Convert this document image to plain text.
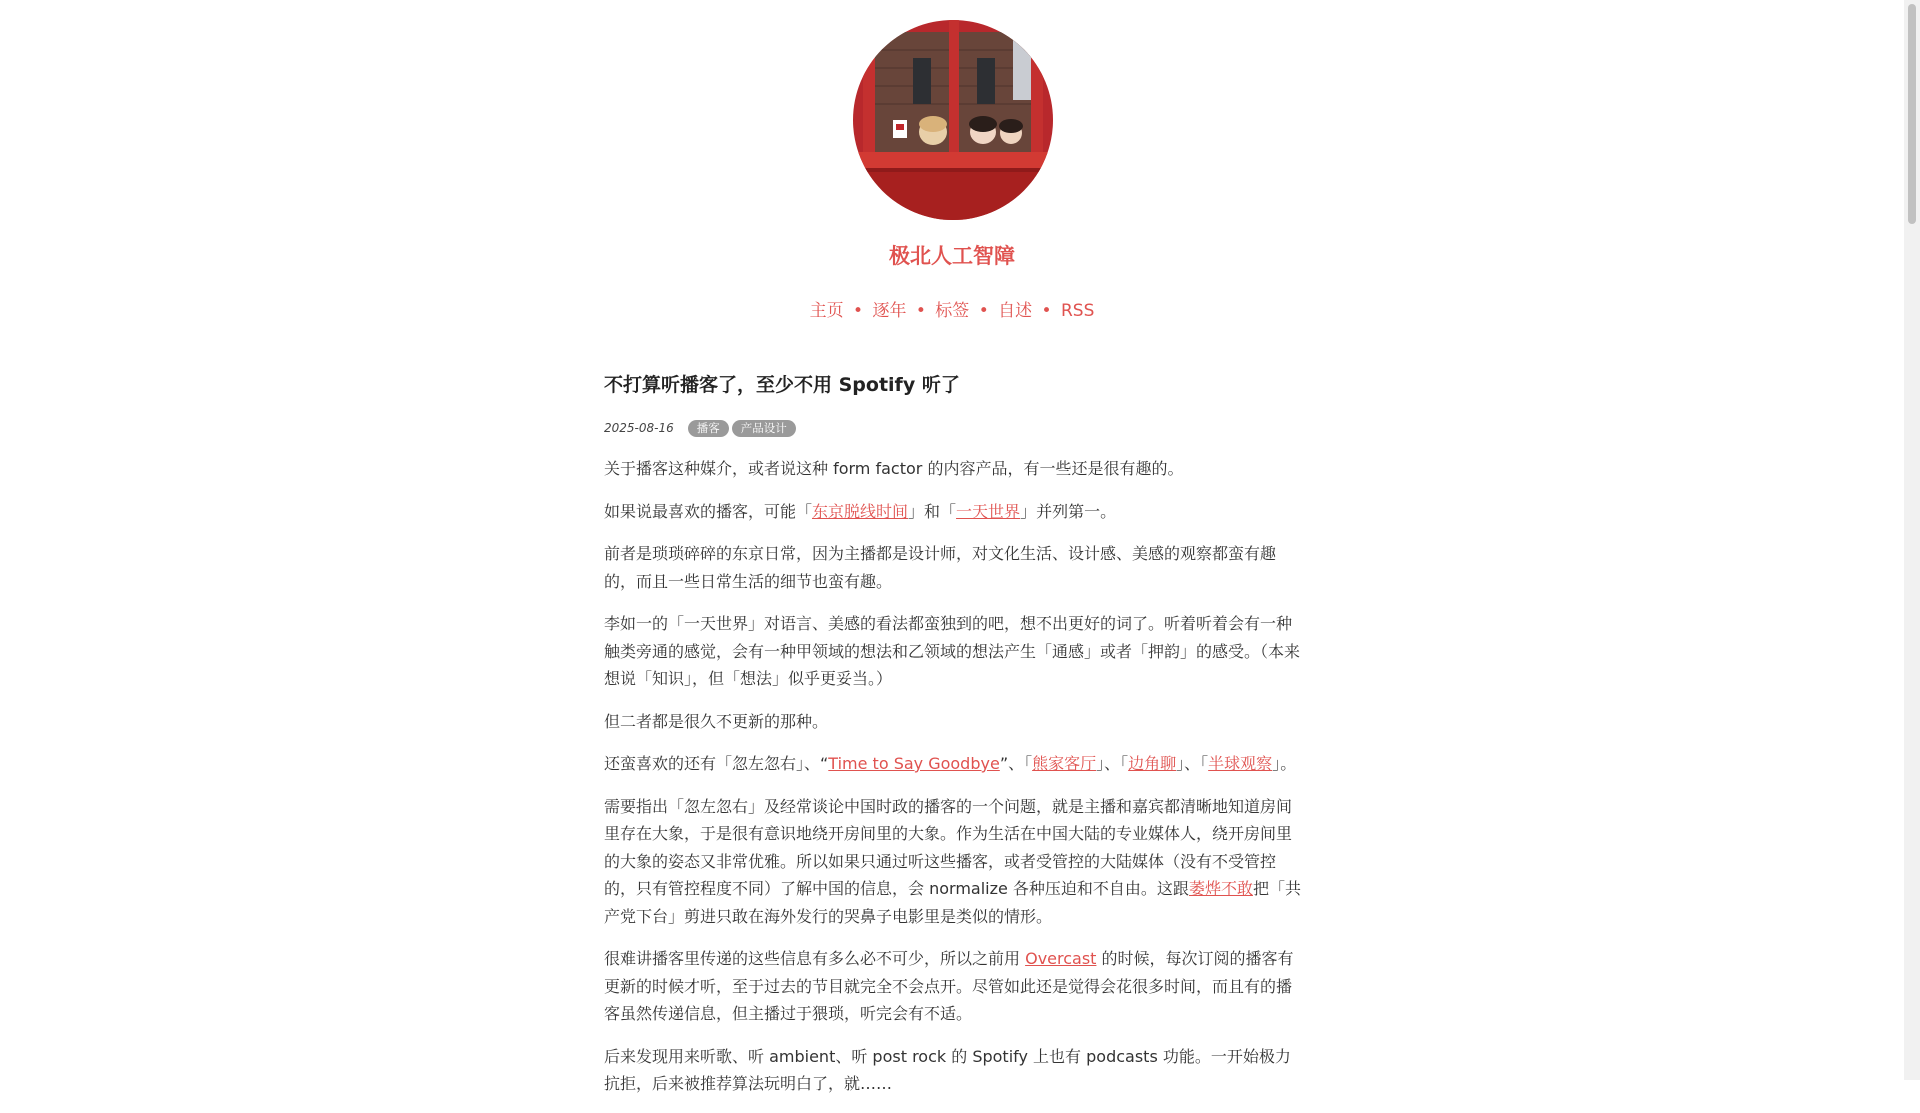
极北人工智障
主页 • 逐年 • 标签 • 自述 • RSS
不打算听播客了，至少不用 Spotify 听了
2025-08-16	播客	产品设计

关于播客这种媒介，或者说这种 form factor 的内容产品，有一些还是很有趣的。

如果说最喜欢的播客，可能「东京脱线时间」和「一天世界」并列第一。

前者是琐琐碎碎的东京日常，因为主播都是设计师，对文化生活、设计感、美感的观察都蛮有趣的，而且一些日常生活的细节也蛮有趣。

李如一的「一天世界」对语言、美感的看法都蛮独到的吧，想不出更好的词了。听着听着会有一种触类旁通的感觉，会有一种甲领域的想法和乙领域的想法产生「通感」或者「押韵」的感受。（本来想说「知识」，但「想法」似乎更妥当。）

但二者都是很久不更新的那种。

还蛮喜欢的还有「忽左忽右」、“Time to Say Goodbye”、「熊家客厅」、「边角聊」、「半球观察」。

需要指出「忽左忽右」及经常谈论中国时政的播客的一个问题，就是主播和嘉宾都清晰地知道房间里存在大象，于是很有意识地绕开房间里的大象。作为生活在中国大陆的专业媒体人，绕开房间里的大象的姿态又非常优雅。所以如果只通过听这些播客，或者受管控的大陆媒体（没有不受管控的，只有管控程度不同）了解中国的信息，会 normalize 各种压迫和不自由。这跟萎烨不敢把「共产党下台」剪进只敢在海外发行的哭鼻子电影里是类似的情形。

很难讲播客里传递的这些信息有多么必不可少，所以之前用 Overcast 的时候，每次订阅的播客有更新的时候才听，至于过去的节目就完全不会点开。尽管如此还是觉得会花很多时间，而且有的播客虽然传递信息，但主播过于猥琐，听完会有不适。

后来发现用来听歌、听 ambient、听 post rock 的 Spotify 上也有 podcasts 功能。一开始极力抗拒，后来被推荐算法玩明白了，就……
